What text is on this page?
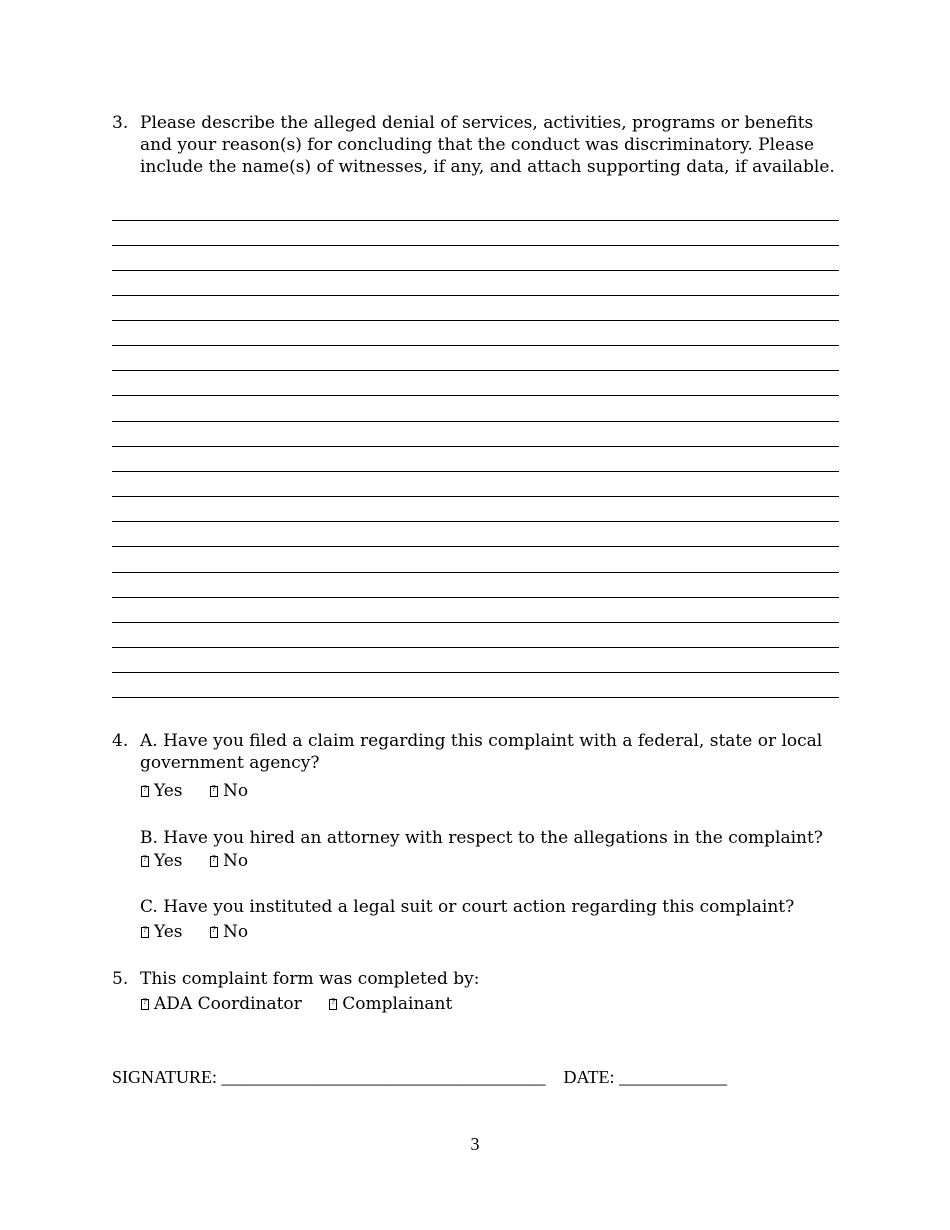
3. Please describe the alleged denial of services, activities, programs or benefits and your reason(s) for concluding that the conduct was discriminatory. Please include the name(s) of witnesses, if any, and attach supporting data, if available.
4. A. Have you filed a claim regarding this complaint with a federal, state or local
government agency?
? Yes	? No
B. Have you hired an attorney with respect to the allegations in the complaint?
? Yes	? No
C. Have you instituted a legal suit or court action regarding this complaint?
? Yes	? No
5. This complaint form was completed by:
? ADA Coordinator	? Complainant
SIGNATURE: ____________________________________ DATE: ____________
3
